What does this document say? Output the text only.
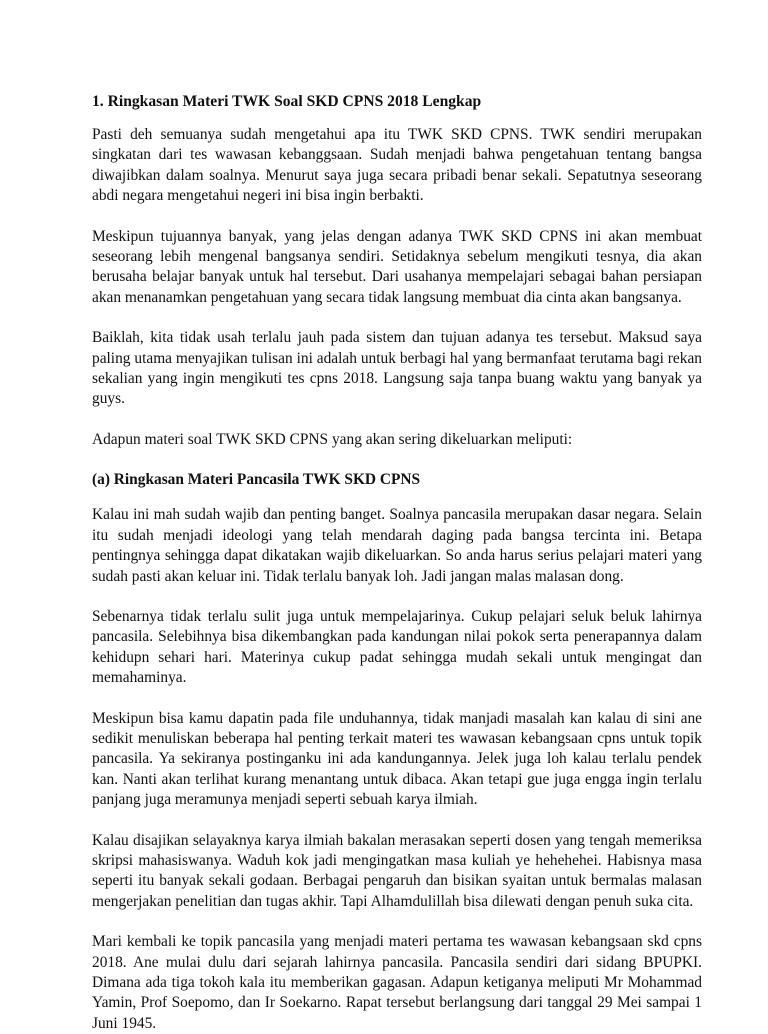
1. Ringkasan Materi TWK Soal SKD CPNS 2018 Lengkap

Pasti deh semuanya sudah mengetahui apa itu TWK SKD CPNS. TWK sendiri merupakan singkatan dari tes wawasan kebanggsaan. Sudah menjadi bahwa pengetahuan tentang bangsa diwajibkan dalam soalnya. Menurut saya juga secara pribadi benar sekali. Sepatutnya seseorang abdi negara mengetahui negeri ini bisa ingin berbakti.

Meskipun tujuannya banyak, yang jelas dengan adanya TWK SKD CPNS ini akan membuat seseorang lebih mengenal bangsanya sendiri. Setidaknya sebelum mengikuti tesnya, dia akan berusaha belajar banyak untuk hal tersebut. Dari usahanya mempelajari sebagai bahan persiapan akan menanamkan pengetahuan yang secara tidak langsung membuat dia cinta akan bangsanya.

Baiklah, kita tidak usah terlalu jauh pada sistem dan tujuan adanya tes tersebut. Maksud saya paling utama menyajikan tulisan ini adalah untuk berbagi hal yang bermanfaat terutama bagi rekan sekalian yang ingin mengikuti tes cpns 2018. Langsung saja tanpa buang waktu yang banyak ya guys.

Adapun materi soal TWK SKD CPNS yang akan sering dikeluarkan meliputi:

(a) Ringkasan Materi Pancasila TWK SKD CPNS

Kalau ini mah sudah wajib dan penting banget. Soalnya pancasila merupakan dasar negara. Selain itu sudah menjadi ideologi yang telah mendarah daging pada bangsa tercinta ini. Betapa pentingnya sehingga dapat dikatakan wajib dikeluarkan. So anda harus serius pelajari materi yang sudah pasti akan keluar ini. Tidak terlalu banyak loh. Jadi jangan malas malasan dong.

Sebenarnya tidak terlalu sulit juga untuk mempelajarinya. Cukup pelajari seluk beluk lahirnya pancasila. Selebihnya bisa dikembangkan pada kandungan nilai pokok serta penerapannya dalam kehidupn sehari hari. Materinya cukup padat sehingga mudah sekali untuk mengingat dan memahaminya.

Meskipun bisa kamu dapatin pada file unduhannya, tidak manjadi masalah kan kalau di sini ane sedikit menuliskan beberapa hal penting terkait materi tes wawasan kebangsaan cpns untuk topik pancasila. Ya sekiranya postinganku ini ada kandungannya. Jelek juga loh kalau terlalu pendek kan. Nanti akan terlihat kurang menantang untuk dibaca. Akan tetapi gue juga engga ingin terlalu panjang juga meramunya menjadi seperti sebuah karya ilmiah.

Kalau disajikan selayaknya karya ilmiah bakalan merasakan seperti dosen yang tengah memeriksa skripsi mahasiswanya. Waduh kok jadi mengingatkan masa kuliah ye hehehehei. Habisnya masa seperti itu banyak sekali godaan. Berbagai pengaruh dan bisikan syaitan untuk bermalas malasan mengerjakan penelitian dan tugas akhir. Tapi Alhamdulillah bisa dilewati dengan penuh suka cita.

Mari kembali ke topik pancasila yang menjadi materi pertama tes wawasan kebangsaan skd cpns 2018. Ane mulai dulu dari sejarah lahirnya pancasila. Pancasila sendiri dari sidang BPUPKI. Dimana ada tiga tokoh kala itu memberikan gagasan. Adapun ketiganya meliputi Mr Mohammad Yamin, Prof Soepomo, dan Ir Soekarno. Rapat tersebut berlangsung dari tanggal 29 Mei sampai 1 Juni 1945.
